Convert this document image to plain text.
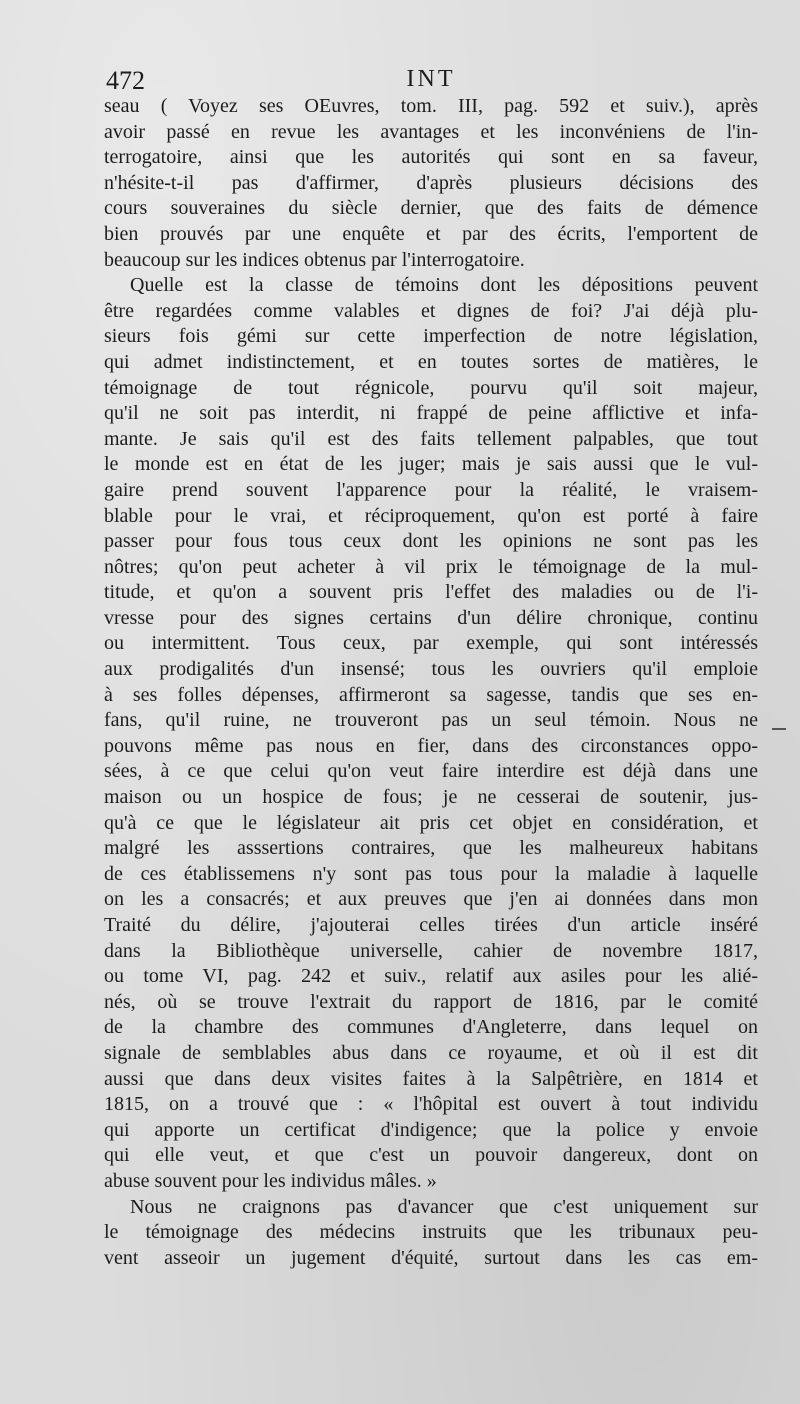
472	INT
seau ( Voyez ses OEuvres, tom. III, pag. 592 et suiv.), après
avoir passé en revue les avantages et les inconvéniens de l'in-
terrogatoire, ainsi que les autorités qui sont en sa faveur,
n'hésite-t-il pas d'affirmer, d'après plusieurs décisions des
cours souveraines du siècle dernier, que des faits de démence
bien prouvés par une enquête et par des écrits, l'emportent de
beaucoup sur les indices obtenus par l'interrogatoire.
Quelle est la classe de témoins dont les dépositions peuvent
être regardées comme valables et dignes de foi? J'ai déjà plu-
sieurs fois gémi sur cette imperfection de notre législation,
qui admet indistinctement, et en toutes sortes de matières, le
témoignage de tout régnicole, pourvu qu'il soit majeur,
qu'il ne soit pas interdit, ni frappé de peine afflictive et infa-
mante. Je sais qu'il est des faits tellement palpables, que tout
le monde est en état de les juger; mais je sais aussi que le vul-
gaire prend souvent l'apparence pour la réalité, le vraisem-
blable pour le vrai, et réciproquement, qu'on est porté à faire
passer pour fous tous ceux dont les opinions ne sont pas les
nôtres; qu'on peut acheter à vil prix le témoignage de la mul-
titude, et qu'on a souvent pris l'effet des maladies ou de l'i-
vresse pour des signes certains d'un délire chronique, continu
ou intermittent. Tous ceux, par exemple, qui sont intéressés
aux prodigalités d'un insensé; tous les ouvriers qu'il emploie
à ses folles dépenses, affirmeront sa sagesse, tandis que ses en-
fans, qu'il ruine, ne trouveront pas un seul témoin. Nous ne
pouvons même pas nous en fier, dans des circonstances oppo-
sées, à ce que celui qu'on veut faire interdire est déjà dans une
maison ou un hospice de fous; je ne cesserai de soutenir, jus-
qu'à ce que le législateur ait pris cet objet en considération, et
malgré les asssertions contraires, que les malheureux habitans
de ces établissemens n'y sont pas tous pour la maladie à laquelle
on les a consacrés; et aux preuves que j'en ai données dans mon
Traité du délire, j'ajouterai celles tirées d'un article inséré
dans la Bibliothèque universelle, cahier de novembre 1817,
ou tome VI, pag. 242 et suiv., relatif aux asiles pour les alié-
nés, où se trouve l'extrait du rapport de 1816, par le comité
de la chambre des communes d'Angleterre, dans lequel on
signale de semblables abus dans ce royaume, et où il est dit
aussi que dans deux visites faites à la Salpêtrière, en 1814 et
1815, on a trouvé que : « l'hôpital est ouvert à tout individu
qui apporte un certificat d'indigence; que la police y envoie
qui elle veut, et que c'est un pouvoir dangereux, dont on
abuse souvent pour les individus mâles. »
Nous ne craignons pas d'avancer que c'est uniquement sur
le témoignage des médecins instruits que les tribunaux peu-
vent asseoir un jugement d'équité, surtout dans les cas em-
